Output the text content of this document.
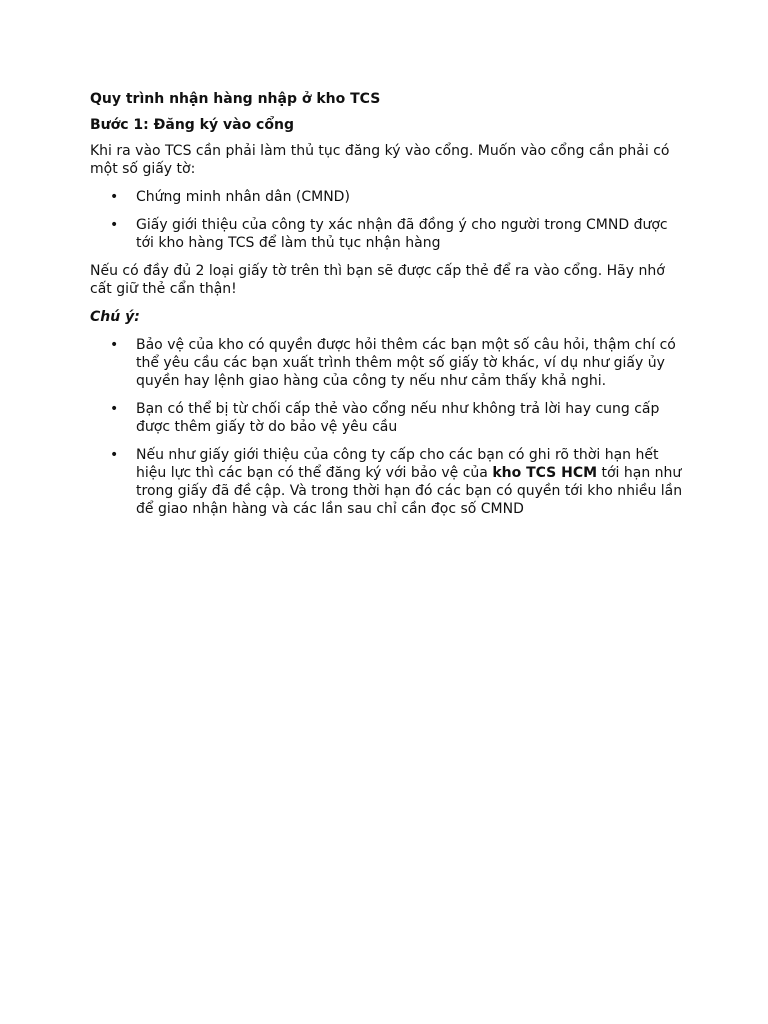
Quy trình nhận hàng nhập ở kho TCS
Bước 1: Đăng ký vào cổng

Khi ra vào TCS cần phải làm thủ tục đăng ký vào cổng. Muốn vào cổng cần phải có một số giấy tờ:

• Chứng minh nhân dân (CMND)
• Giấy giới thiệu của công ty xác nhận đã đồng ý cho người trong CMND được tới kho hàng TCS để làm thủ tục nhận hàng

Nếu có đầy đủ 2 loại giấy tờ trên thì bạn sẽ được cấp thẻ để ra vào cổng. Hãy nhớ cất giữ thẻ cẩn thận!

Chú ý:
• Bảo vệ của kho có quyền được hỏi thêm các bạn một số câu hỏi, thậm chí có thể yêu cầu các bạn xuất trình thêm một số giấy tờ khác, ví dụ như giấy ủy quyền hay lệnh giao hàng của công ty nếu như cảm thấy khả nghi.
• Bạn có thể bị từ chối cấp thẻ vào cổng nếu như không trả lời hay cung cấp được thêm giấy tờ do bảo vệ yêu cầu
• Nếu như giấy giới thiệu của công ty cấp cho các bạn có ghi rõ thời hạn hết hiệu lực thì các bạn có thể đăng ký với bảo vệ của kho TCS HCM tới hạn như trong giấy đã đề cập. Và trong thời hạn đó các bạn có quyền tới kho nhiều lần để giao nhận hàng và các lần sau chỉ cần đọc số CMND
